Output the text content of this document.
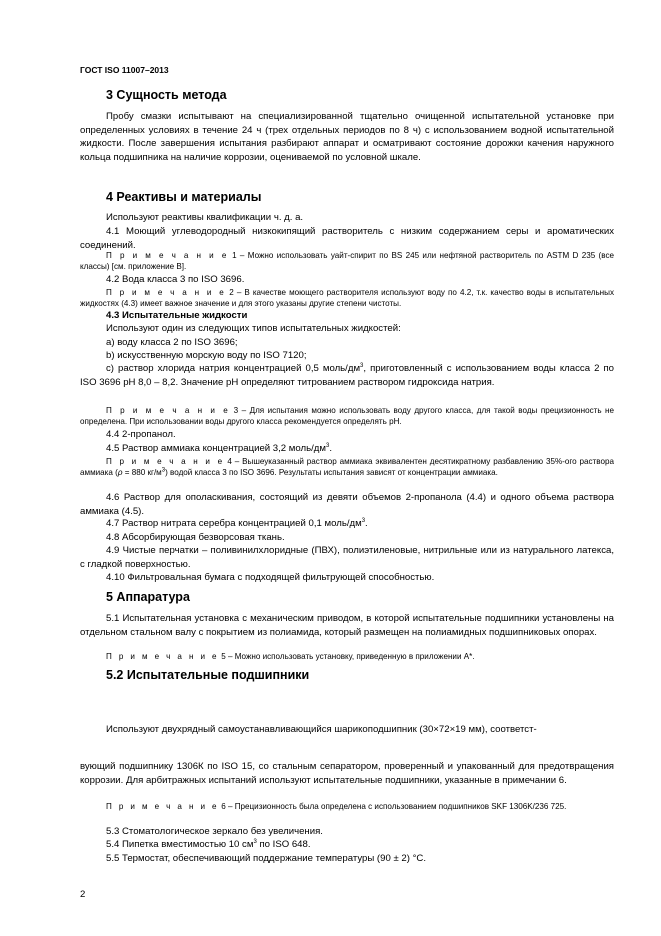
ГОСТ ISO 11007–2013
3 Сущность метода

Пробу смазки испытывают на специализированной тщательно очищенной испытательной установке при определенных условиях в течение 24 ч (трех отдельных периодов по 8 ч) с использованием водной испытательной жидкости. После завершения испытания разбирают аппарат и осматривают состояние дорожки качения наружного кольца подшипника на наличие коррозии, оцениваемой по условной шкале.

4 Реактивы и материалы

Используют реактивы квалификации ч. д. а.

4.1 Моющий углеводородный низкокипящий растворитель с низким содержанием серы и ароматических соединений.

П р и м е ч а н и е 1 – Можно использовать уайт-спирит по BS 245 или нефтяной растворитель по ASTM D 235 (все классы) [см. приложение В].

4.2 Вода класса 3 по ISO 3696.

П р и м е ч а н и е 2 – В качестве моющего растворителя используют воду по 4.2, т.к. качество воды в испытательных жидкостях (4.3) имеет важное значение и для этого указаны другие степени чистоты.

4.3 Испытательные жидкости

Используют один из следующих типов испытательных жидкостей:

a) воду класса 2 по ISO 3696;

b) искусственную морскую воду по ISO 7120;

с) раствор хлорида натрия концентрацией 0,5 моль/$дм^3$, приготовленный с использованием воды класса 2 по ISO 3696 pH 8,0 – 8,2. Значение pH определяют титрованием раствором гидроксида натрия.

П р и м е ч а н и е 3 – Для испытания можно использовать воду другого класса, для такой воды прецизионность не определена. При использовании воды другого класса рекомендуется определять pH.

4.4 2-пропанол.

4.5 Раствор аммиака концентрацией 3,2 моль/$дм^3$.

П р и м е ч а н и е 4 – Вышеуказанный раствор аммиака эквивалентен десятикратному разбавлению 35%-ого раствора аммиака (ρ = 880 $кг/м^3$) водой класса 3 по ISO 3696. Результаты испытания зависят от концентрации аммиака.

4.6 Раствор для ополаскивания, состоящий из девяти объемов 2-пропанола (4.4) и одного объема раствора аммиака (4.5).

4.7 Раствор нитрата серебра концентрацией 0,1 моль/$дм^3$.

4.8 Абсорбирующая безворсовая ткань.

4.9 Чистые перчатки – поливинилхлоридные (ПВХ), полиэтиленовые, нитрильные или из натурального латекса, с гладкой поверхностью.

4.10 Фильтровальная бумага с подходящей фильтрующей способностью.

5 Аппаратура

5.1 Испытательная установка с механическим приводом, в которой испытательные подшипники установлены на отдельном стальном валу с покрытием из полиамида, который размещен на полиамидных подшипниковых опорах.

П р и м е ч а н и е 5 – Можно использовать установку, приведенную в приложении А*.

5.2 Испытательные подшипники

Используют двухрядный самоустанавливающийся шарикоподшипник (30×72×19 мм), соответст-

вующий подшипнику 1306К по ISO 15, со стальным сепаратором, проверенный и упакованный для предотвращения коррозии. Для арбитражных испытаний используют испытательные подшипники, указанные в примечании 6.

П р и м е ч а н и е 6 – Прецизионность была определена с использованием подшипников SKF 1306K/236 725.

5.3 Стоматологическое зеркало без увеличения.

5.4 Пипетка вместимостью 10 $см^3$ по ISO 648.

5.5 Термостат, обеспечивающий поддержание температуры (90 ± 2) °С.

2
